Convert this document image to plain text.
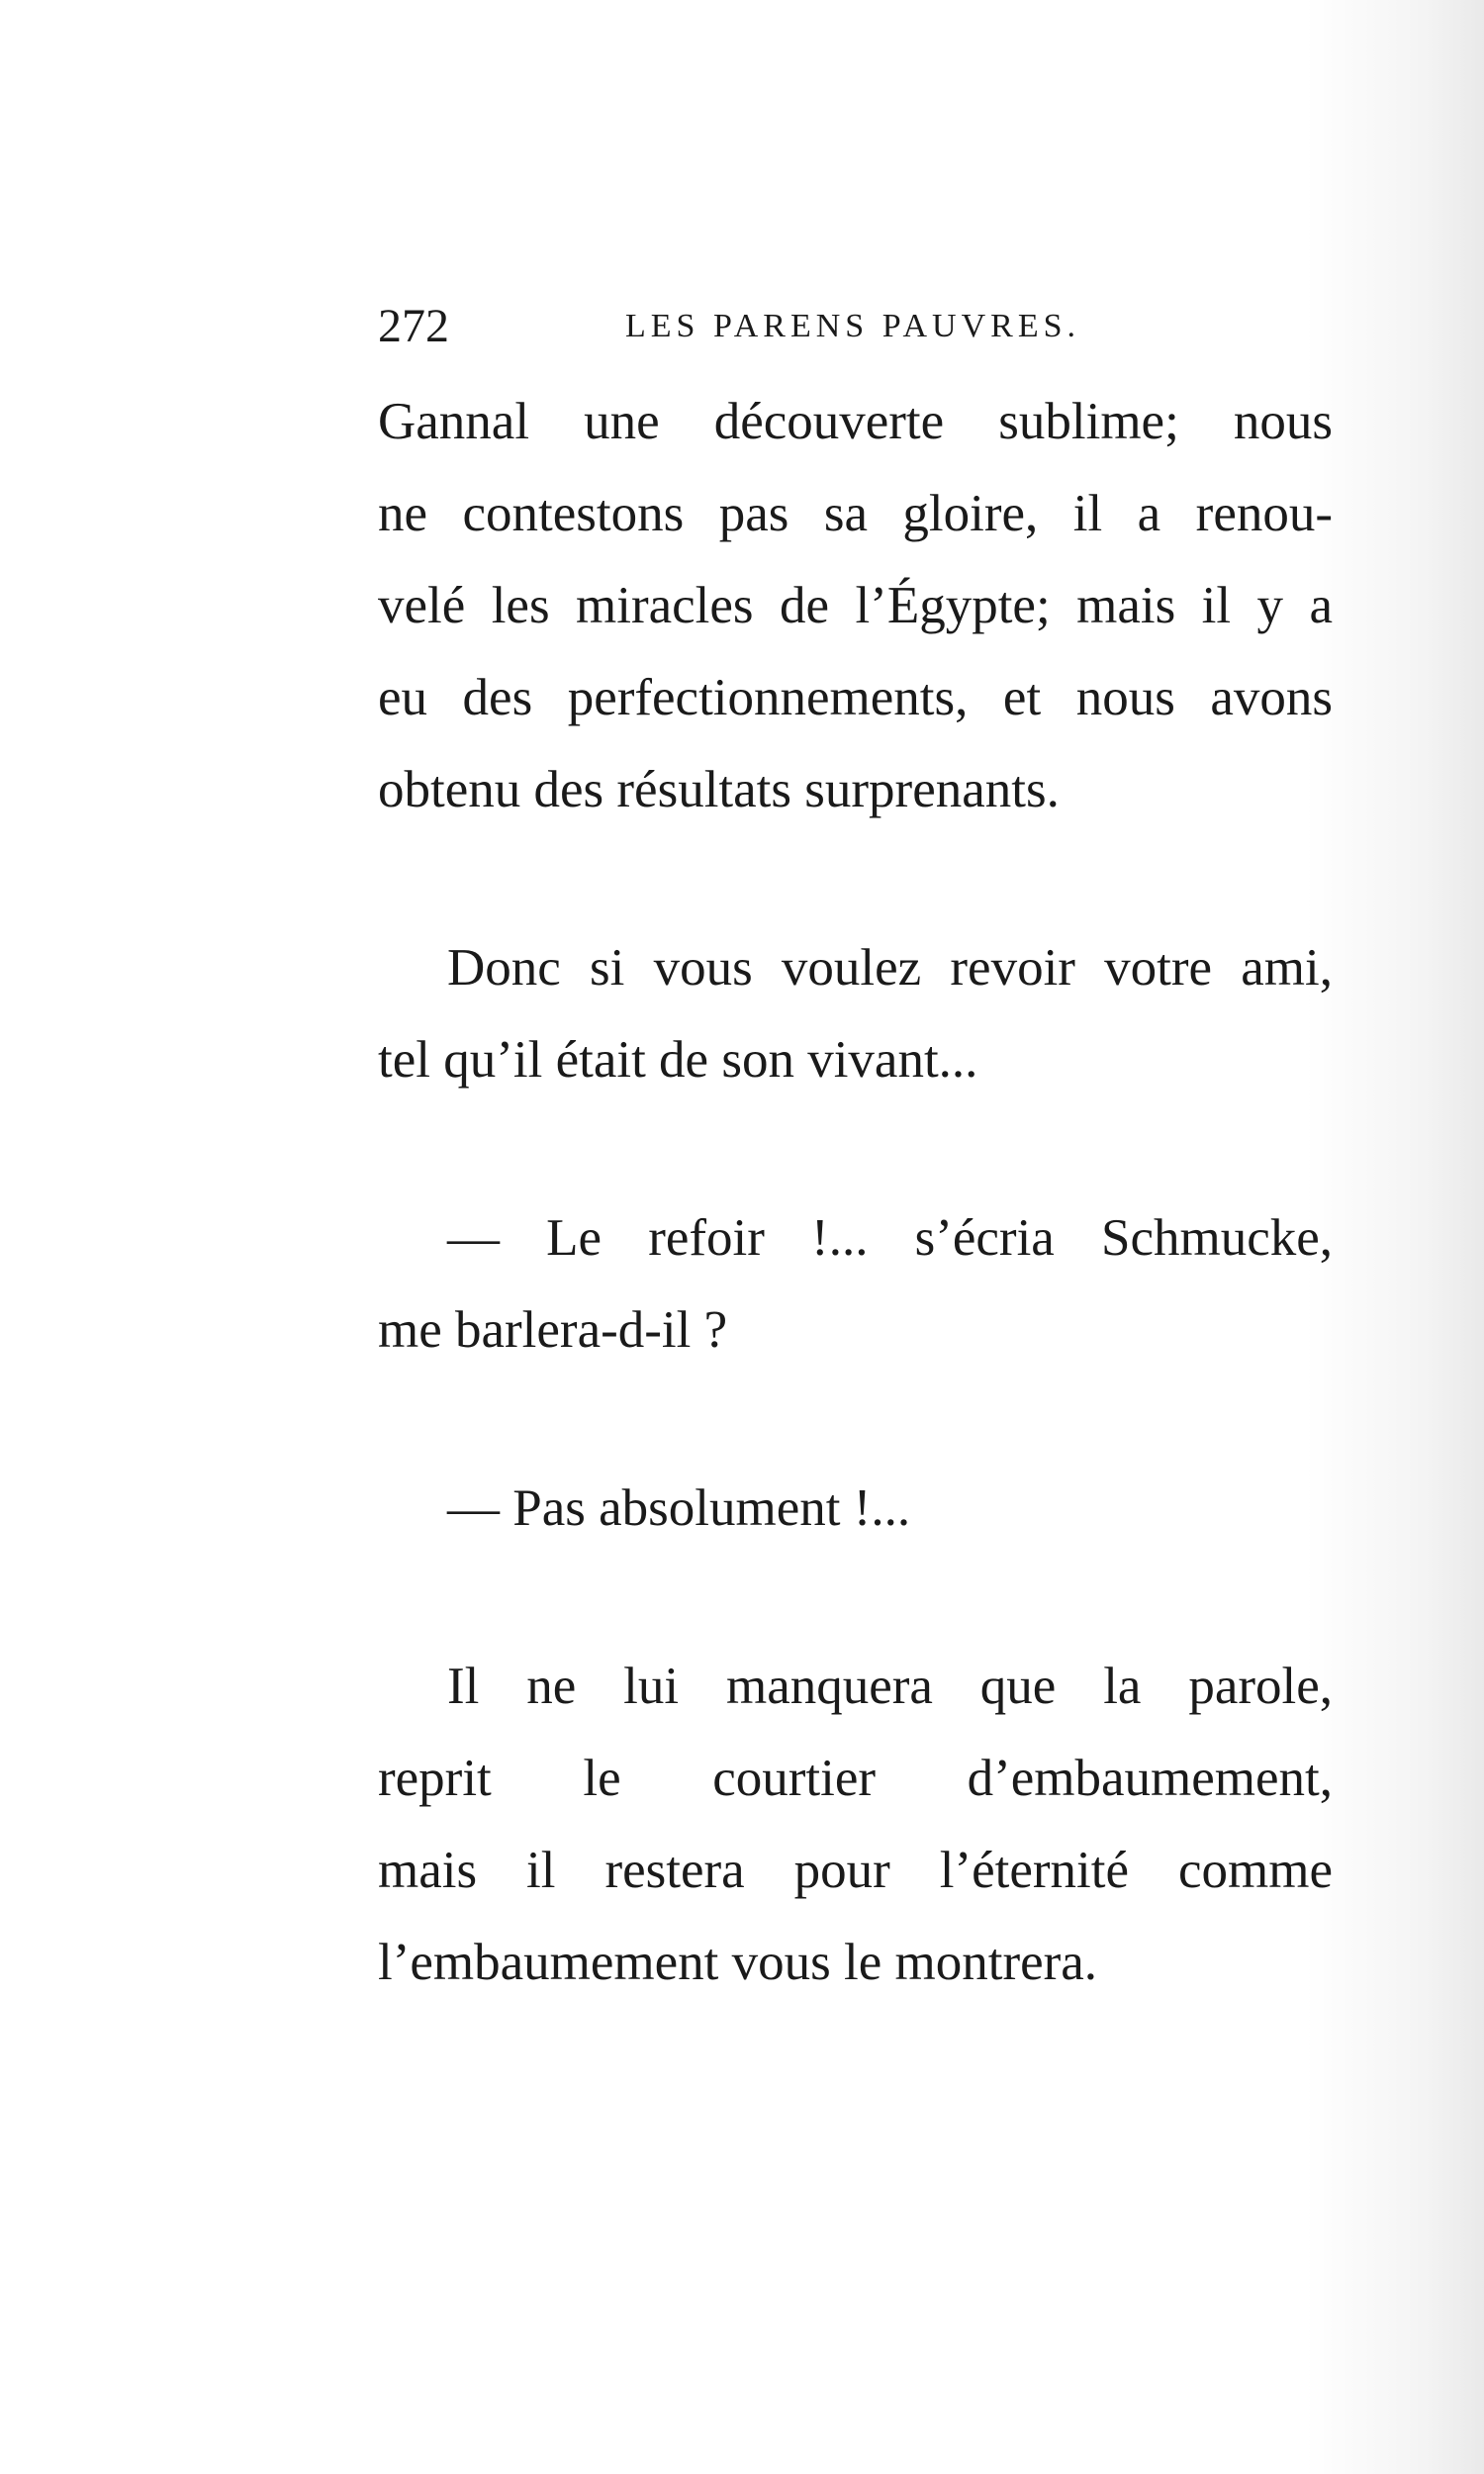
272	LES PARENS PAUVRES.
Gannal une découverte sublime; nous
ne contestons pas sa gloire, il a renou-
velé les miracles de l’Égypte; mais il y a
eu des perfectionnements, et nous avons
obtenu des résultats surprenants.
Donc si vous voulez revoir votre ami,
tel qu’il était de son vivant...
— Le refoir !... s’écria Schmucke,
me barlera-d-il ?
— Pas absolument !...
Il ne lui manquera que la parole,
reprit le courtier d’embaumement,
mais il restera pour l’éternité comme
l’embaumement vous le montrera.
